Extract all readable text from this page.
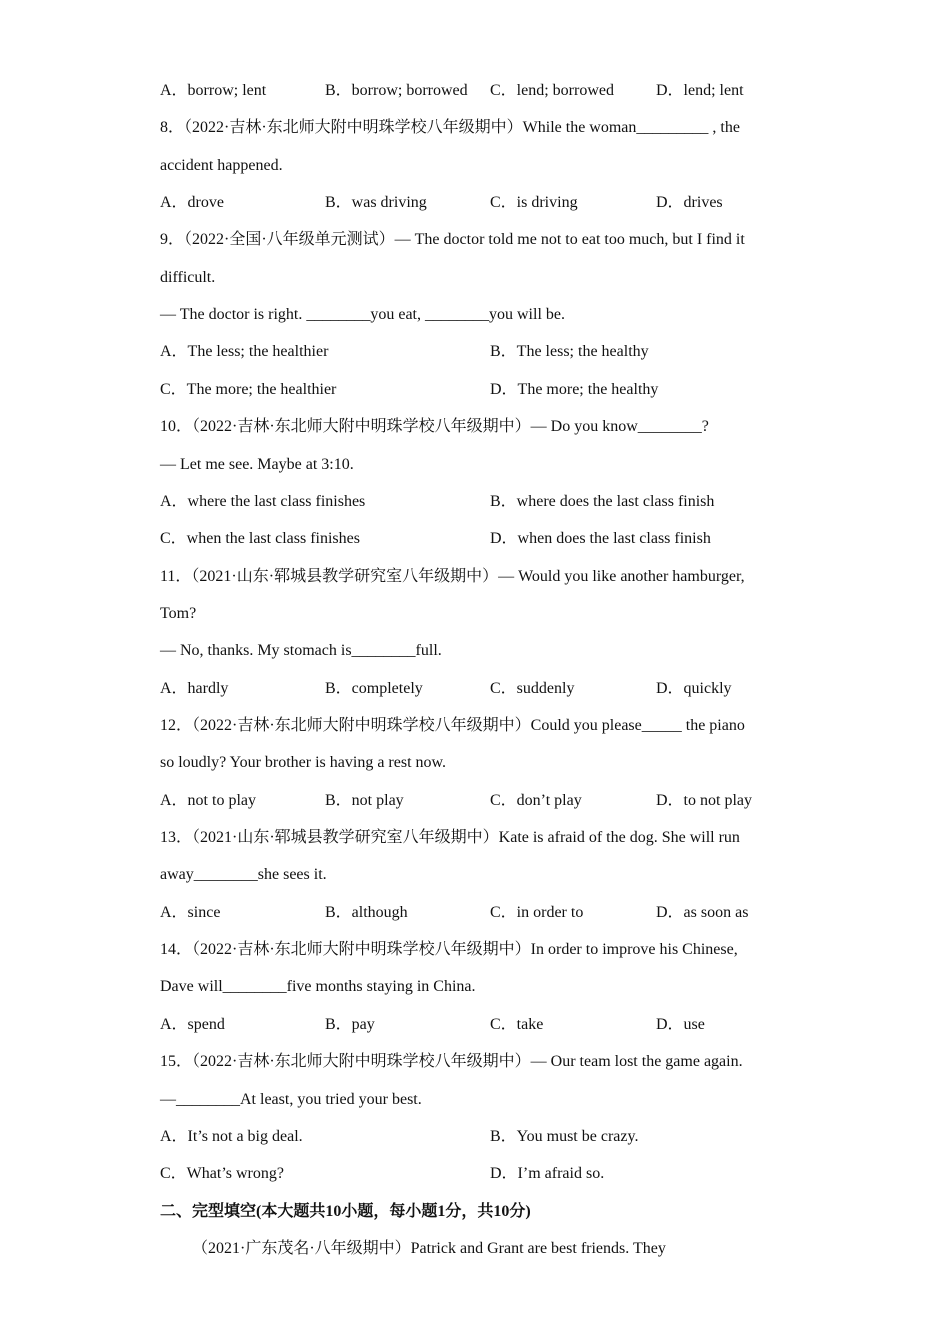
A．borrow; lent	B．borrow; borrowed C．lend; borrowed	D．lend; lent
8．（2022·吉林·东北师大附中明珠学校八年级期中）While the woman_________ , the
accident happened.
A．drove	B．was driving	C．is driving	D．drives
9．（2022·全国·八年级单元测试）— The doctor told me not to eat too much, but I find it
difficult.
— The doctor is right. ________you eat, ________you will be.
A．The less; the healthier	B．The less; the healthy
C．The more; the healthier	D．The more; the healthy
10．（2022·吉林·东北师大附中明珠学校八年级期中）— Do you know________?
— Let me see. Maybe at 3:10.
A．where the last class finishes	B．where does the last class finish
C．when the last class finishes	D．when does the last class finish
11．（2021·山东·郓城县教学研究室八年级期中）— Would you like another hamburger,
Tom?
— No, thanks. My stomach is________full.
A．hardly	B．completely	C．suddenly	D．quickly
12．（2022·吉林·东北师大附中明珠学校八年级期中）Could you please_____ the piano
so loudly? Your brother is having a rest now.
A．not to play	B．not play	C．don’t play	D．to not play
13．（2021·山东·郓城县教学研究室八年级期中）Kate is afraid of the dog. She will run
away________she sees it.
A．since	B．although	C．in order to	D．as soon as
14．（2022·吉林·东北师大附中明珠学校八年级期中）In order to improve his Chinese,
Dave will________five months staying in China.
A．spend	B．pay	C．take	D．use
15．（2022·吉林·东北师大附中明珠学校八年级期中）— Our team lost the game again.
—________At least, you tried your best.
A．It’s not a big deal.	B．You must be crazy.
C．What’s wrong?	D．I’m afraid so.
二、完型填空(本大题共10小题，每小题1分，共10分)
（2021·广东茂名·八年级期中）Patrick and Grant are best friends. They
